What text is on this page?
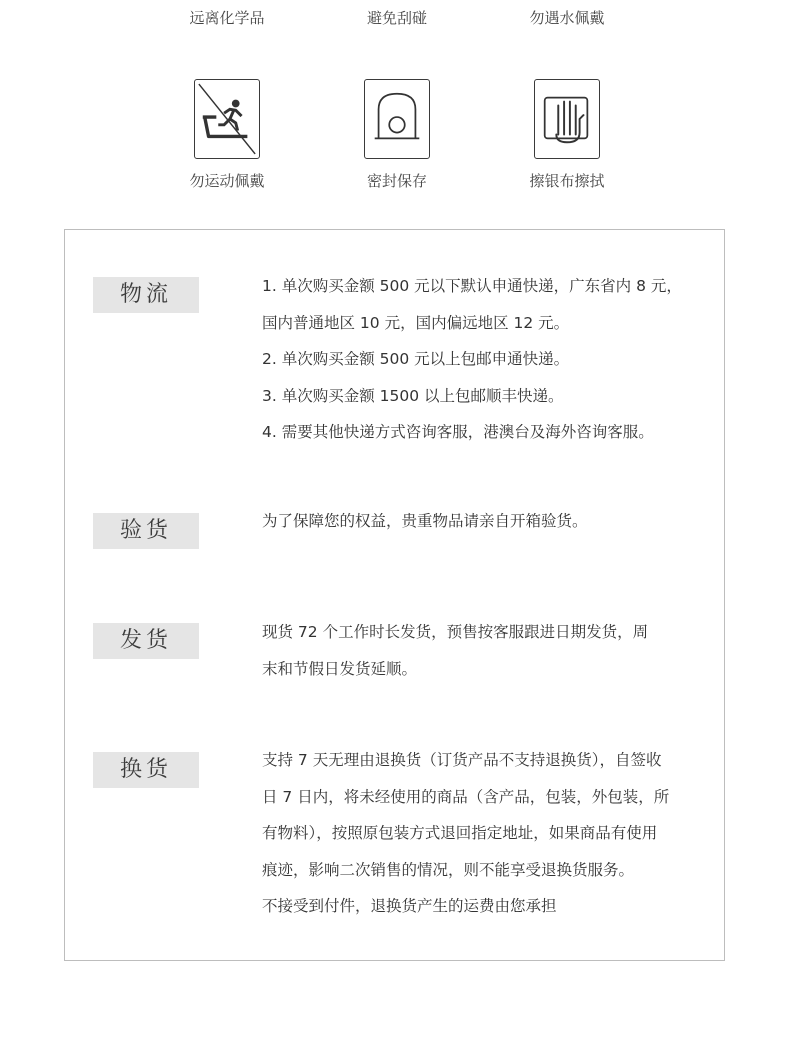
远离化学品	避免刮碰	勿遇水佩戴
勿运动佩戴	密封保存	擦银布擦拭
物流	1. 单次购买金额 500 元以下默认申通快递，广东省内 8 元，

国内普通地区 10 元，国内偏远地区 12 元。

2. 单次购买金额 500 元以上包邮申通快递。

3. 单次购买金额 1500 以上包邮顺丰快递。

4. 需要其他快递方式咨询客服，港澳台及海外咨询客服。

验货	为了保障您的权益，贵重物品请亲自开箱验货。

发货	现货 72 个工作时长发货，预售按客服跟进日期发货，周

末和节假日发货延顺。

换货	支持 7 天无理由退换货（订货产品不支持退换货），自签收

日 7 日内，将未经使用的商品（含产品，包装，外包装，所

有物料），按照原包装方式退回指定地址，如果商品有使用

痕迹，影响二次销售的情况，则不能享受退换货服务。

不接受到付件，退换货产生的运费由您承担
